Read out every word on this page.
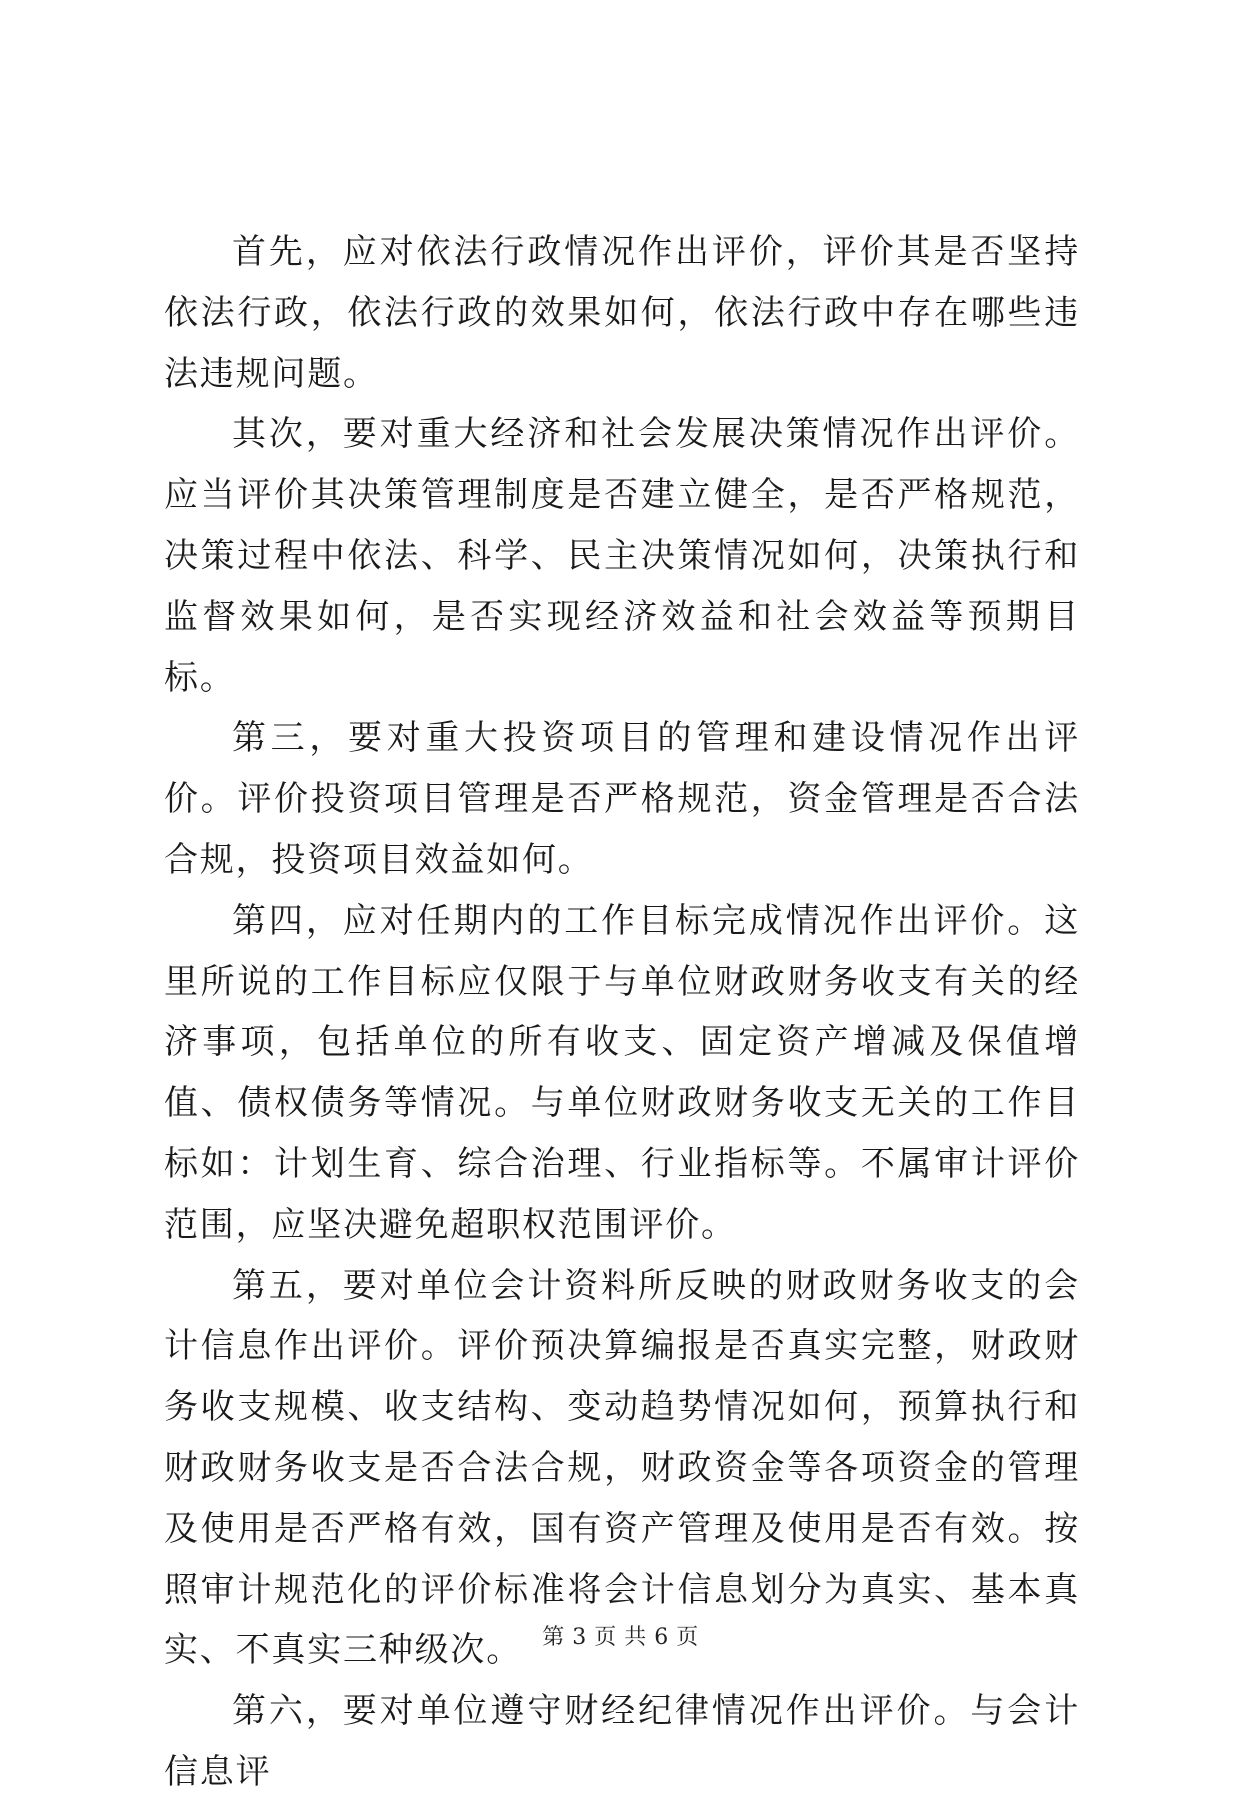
首先，应对依法行政情况作出评价，评价其是否坚持依法行政，依法行政的效果如何，依法行政中存在哪些违法违规问题。

其次，要对重大经济和社会发展决策情况作出评价。应当评价其决策管理制度是否建立健全，是否严格规范，决策过程中依法、科学、民主决策情况如何，决策执行和监督效果如何，是否实现经济效益和社会效益等预期目标。

第三，要对重大投资项目的管理和建设情况作出评价。评价投资项目管理是否严格规范，资金管理是否合法合规，投资项目效益如何。

第四，应对任期内的工作目标完成情况作出评价。这里所说的工作目标应仅限于与单位财政财务收支有关的经济事项，包括单位的所有收支、固定资产增减及保值增值、债权债务等情况。与单位财政财务收支无关的工作目标如：计划生育、综合治理、行业指标等。不属审计评价范围，应坚决避免超职权范围评价。

第五，要对单位会计资料所反映的财政财务收支的会计信息作出评价。评价预决算编报是否真实完整，财政财务收支规模、收支结构、变动趋势情况如何，预算执行和财政财务收支是否合法合规，财政资金等各项资金的管理及使用是否严格有效，国有资产管理及使用是否有效。按照审计规范化的评价标准将会计信息划分为真实、基本真实、不真实三种级次。

第六，要对单位遵守财经纪律情况作出评价。与会计信息评

第 3 页 共 6 页
